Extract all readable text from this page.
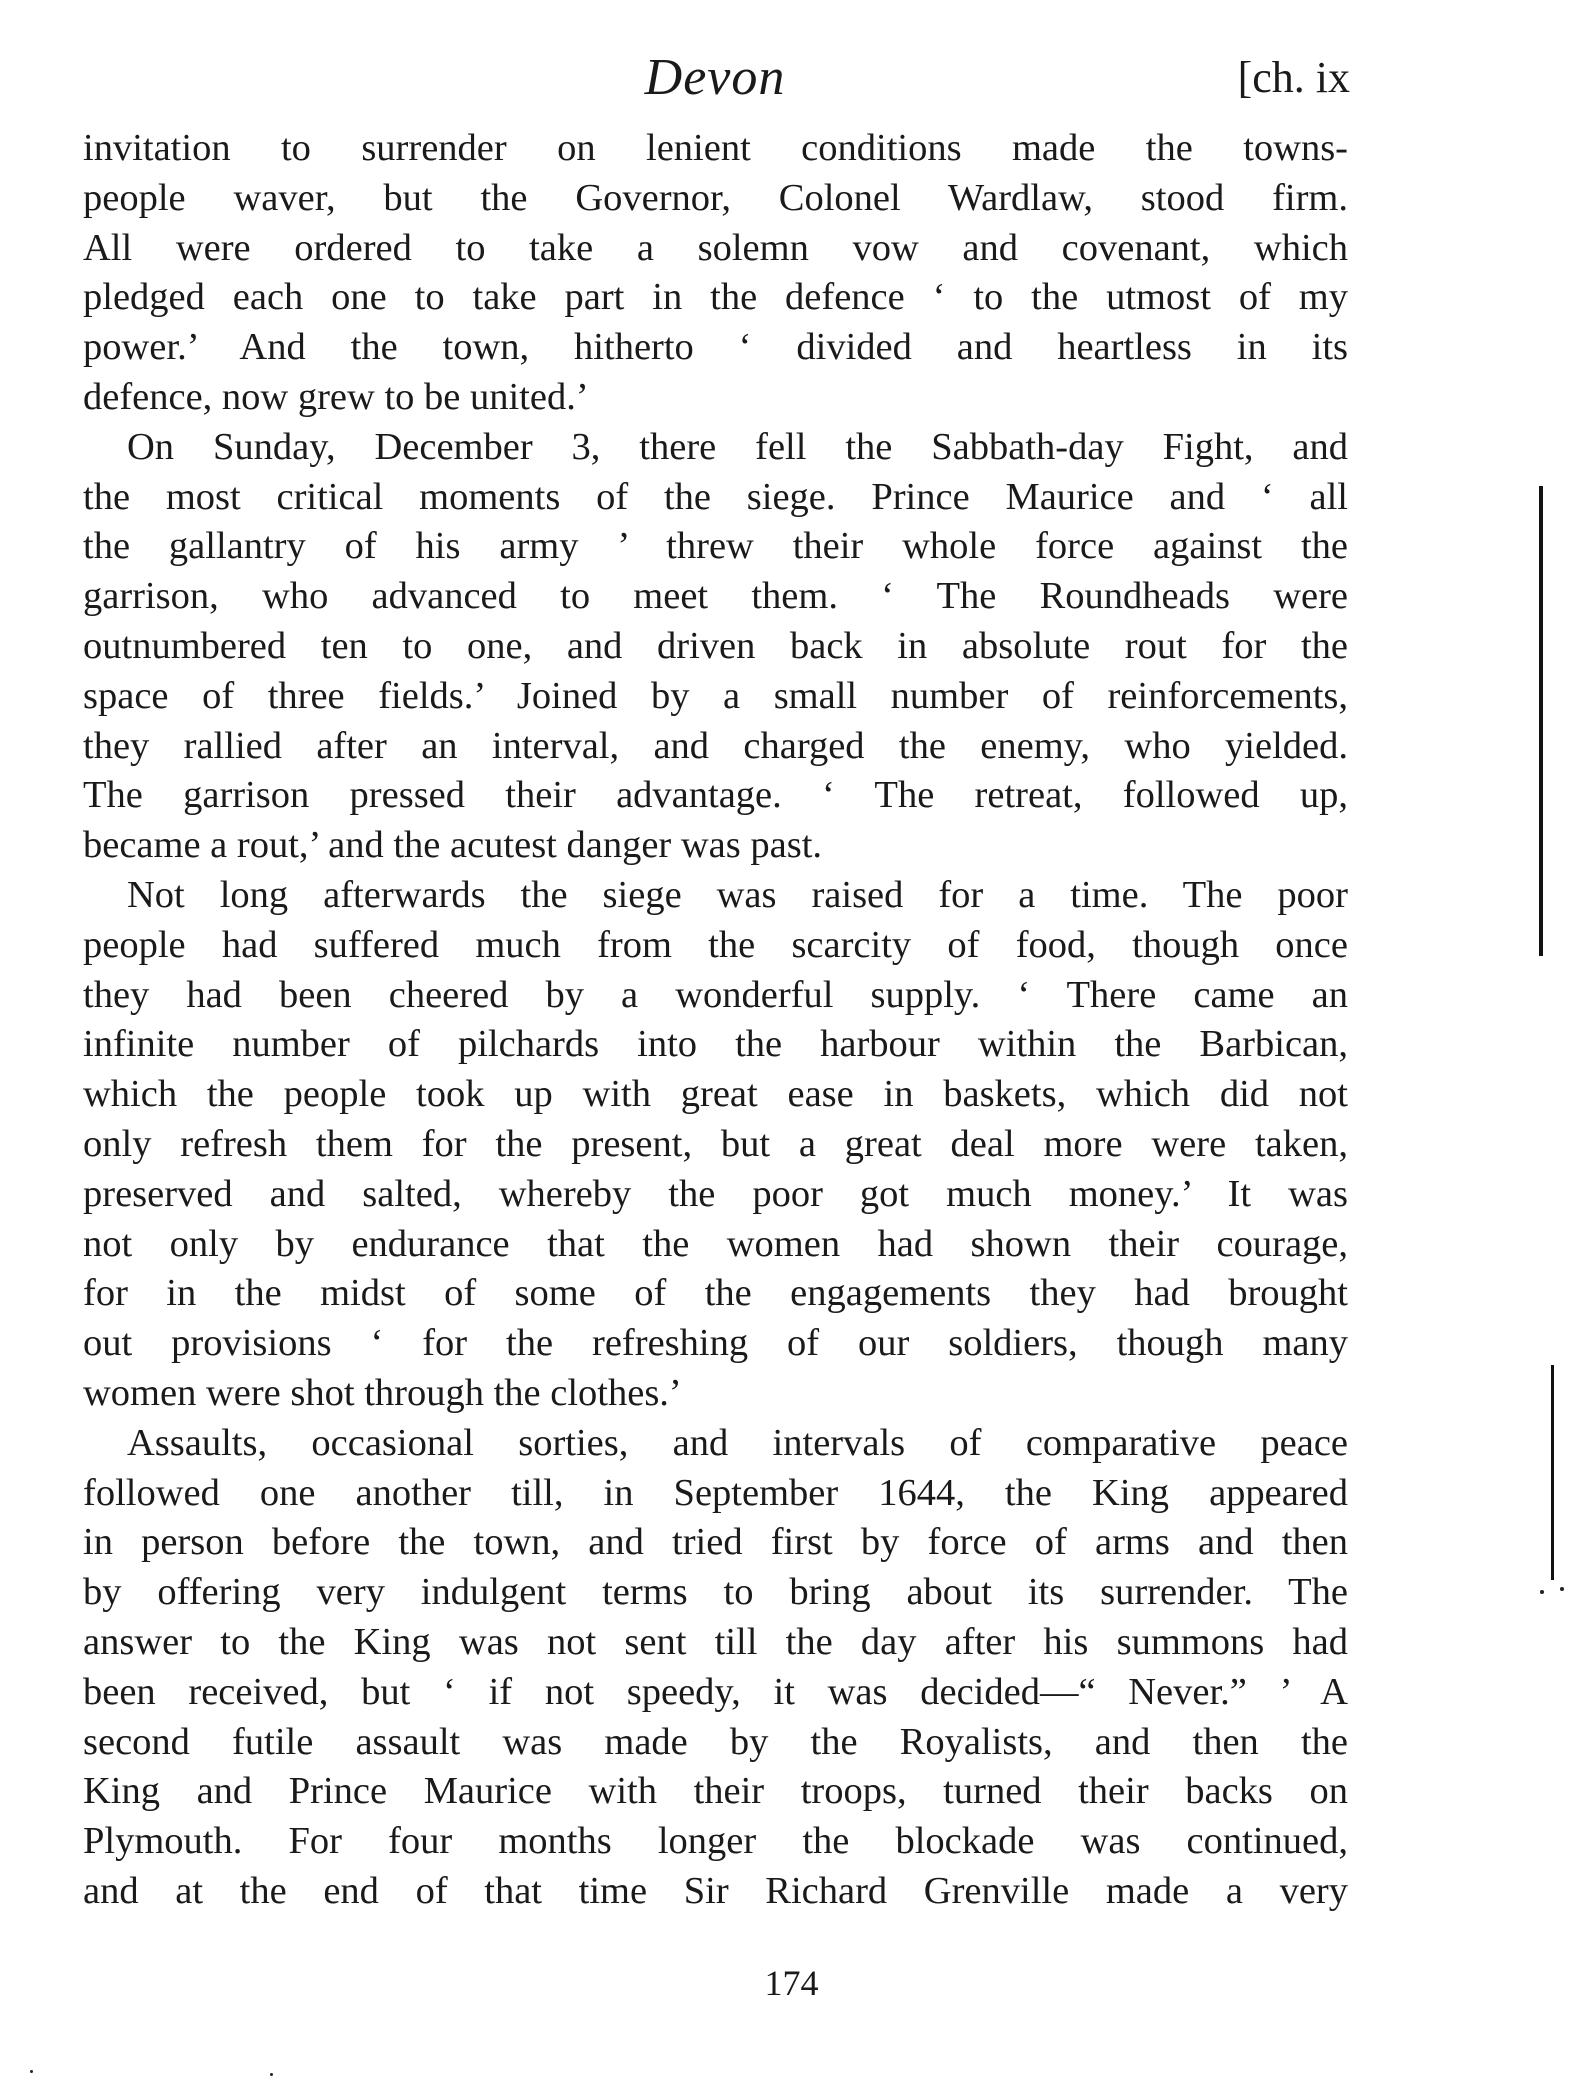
Devon	[ch. ix
invitation to surrender on lenient conditions made the towns-
people waver, but the Governor, Colonel Wardlaw, stood firm.
All were ordered to take a solemn vow and covenant, which
pledged each one to take part in the defence ‘ to the utmost of my
power.’ And the town, hitherto ‘ divided and heartless in its
defence, now grew to be united.’
On Sunday, December 3, there fell the Sabbath-day Fight, and
the most critical moments of the siege. Prince Maurice and ‘ all
the gallantry of his army ’ threw their whole force against the
garrison, who advanced to meet them. ‘ The Roundheads were
outnumbered ten to one, and driven back in absolute rout for the
space of three fields.’ Joined by a small number of reinforcements,
they rallied after an interval, and charged the enemy, who yielded.
The garrison pressed their advantage. ‘ The retreat, followed up,
became a rout,’ and the acutest danger was past.
Not long afterwards the siege was raised for a time. The poor
people had suffered much from the scarcity of food, though once
they had been cheered by a wonderful supply. ‘ There came an
infinite number of pilchards into the harbour within the Barbican,
which the people took up with great ease in baskets, which did not
only refresh them for the present, but a great deal more were taken,
preserved and salted, whereby the poor got much money.’ It was
not only by endurance that the women had shown their courage,
for in the midst of some of the engagements they had brought
out provisions ‘ for the refreshing of our soldiers, though many
women were shot through the clothes.’
Assaults, occasional sorties, and intervals of comparative peace
followed one another till, in September 1644, the King appeared
in person before the town, and tried first by force of arms and then
by offering very indulgent terms to bring about its surrender. The
answer to the King was not sent till the day after his summons had
been received, but ‘ if not speedy, it was decided—“ Never.” ’ A
second futile assault was made by the Royalists, and then the
King and Prince Maurice with their troops, turned their backs on
Plymouth. For four months longer the blockade was continued,
and at the end of that time Sir Richard Grenville made a very
174
